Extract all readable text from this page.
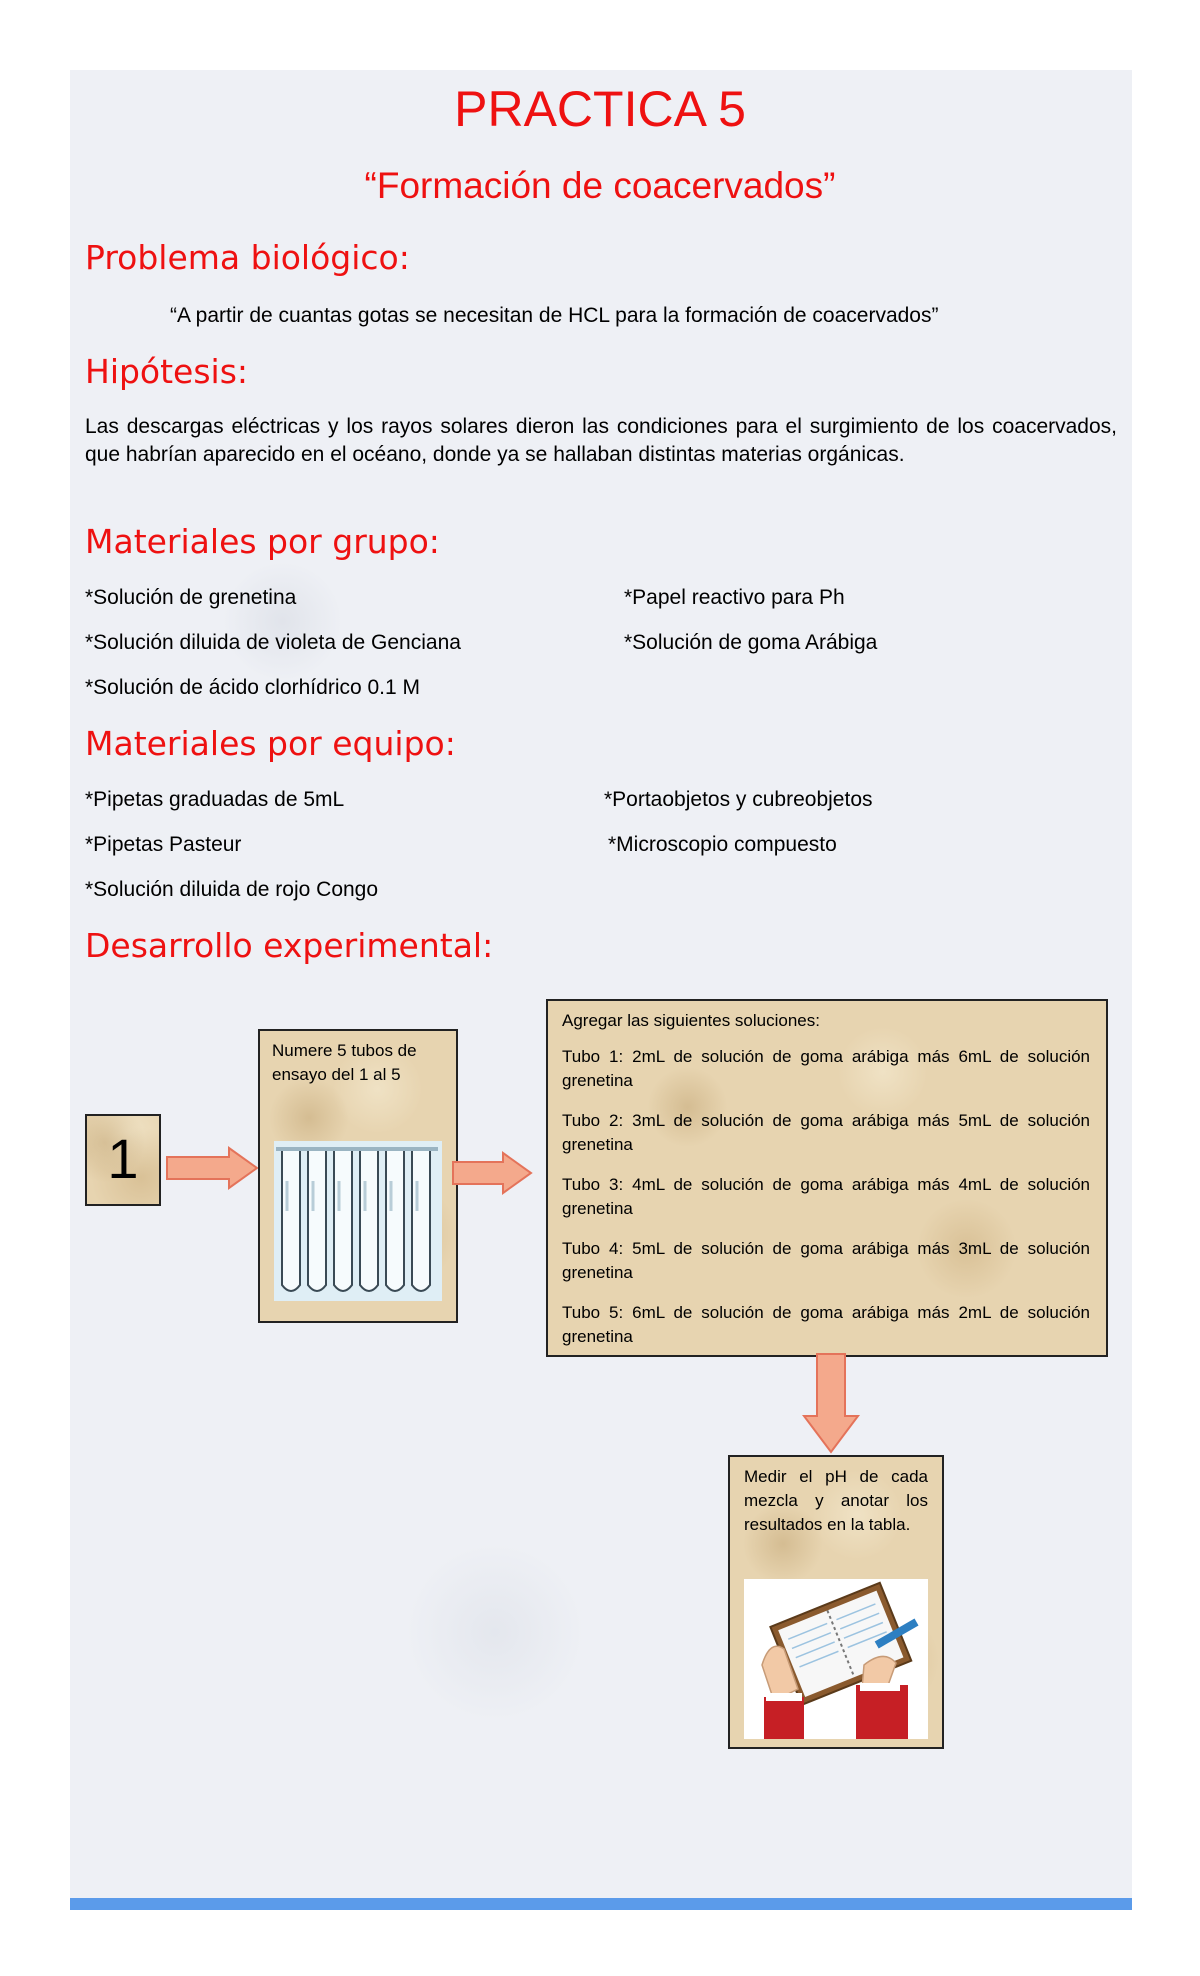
PRACTICA 5
“Formación de coacervados”
Problema biológico:
“A partir de cuantas gotas se necesitan de HCL para la formación de coacervados”
Hipótesis:
Las descargas eléctricas y los rayos solares dieron las condiciones para el surgimiento de los coacervados, que habrían aparecido en el océano, donde ya se hallaban distintas materias orgánicas.
Materiales por grupo:
*Solución de grenetina	*Papel reactivo para Ph
*Solución diluida de violeta de Genciana	*Solución de goma Arábiga
*Solución de ácido clorhídrico 0.1 M
Materiales por equipo:
*Pipetas graduadas de 5mL	*Portaobjetos y cubreobjetos
*Pipetas Pasteur	*Microscopio compuesto
*Solución diluida de rojo Congo
Desarrollo experimental:
1
Numere 5 tubos de ensayo del 1 al 5
Agregar las siguientes soluciones:
Tubo 1: 2mL de solución de goma arábiga más 6mL de solución grenetina
Tubo 2: 3mL de solución de goma arábiga más 5mL de solución grenetina
Tubo 3: 4mL de solución de goma arábiga más 4mL de solución grenetina
Tubo 4: 5mL de solución de goma arábiga más 3mL de solución grenetina
Tubo 5: 6mL de solución de goma arábiga más 2mL de solución grenetina
Medir el pH de cada mezcla y anotar los resultados en la tabla.
